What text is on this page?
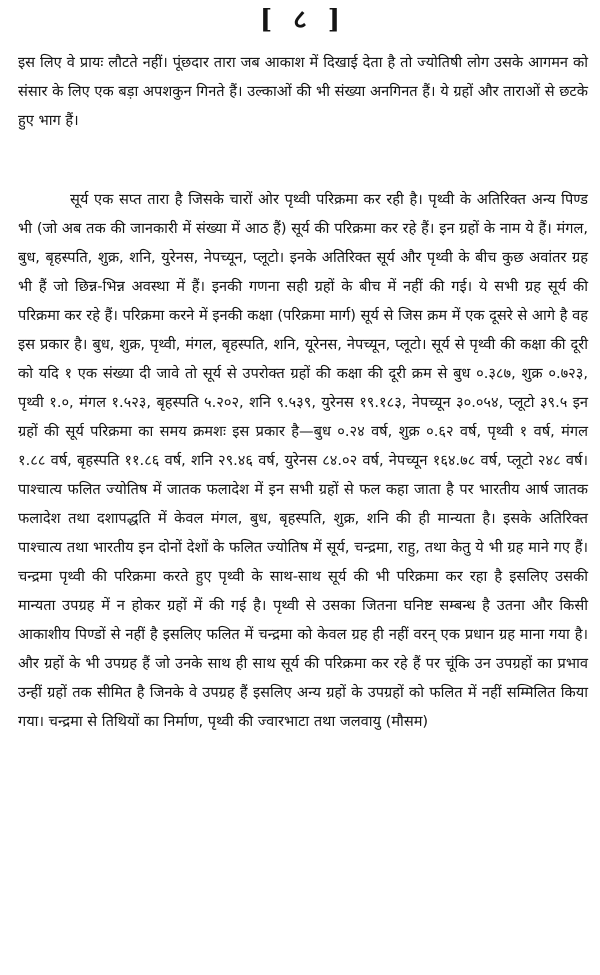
[ ८ ]

इस लिए वे प्रायः लौटते नहीं। पूंछदार तारा जब आकाश में दिखाई देता है तो ज्योतिषी लोग उसके आगमन को संसार के लिए एक बड़ा अपशकुन गिनते हैं। उल्काओं की भी संख्या अनगिनत हैं। ये ग्रहों और ताराओं से छटके हुए भाग हैं।

सूर्य एक सप्त तारा है जिसके चारों ओर पृथ्वी परिक्रमा कर रही है। पृथ्वी के अतिरिक्त अन्य पिण्ड भी (जो अब तक की जानकारी में संख्या में आठ हैं) सूर्य की परिक्रमा कर रहे हैं। इन ग्रहों के नाम ये हैं। मंगल, बुध, बृहस्पति, शुक्र, शनि, युरेनस, नेपच्यून, प्लूटो। इनके अतिरिक्त सूर्य और पृथ्वी के बीच कुछ अवांतर ग्रह भी हैं जो छिन्न-भिन्न अवस्था में हैं। इनकी गणना सही ग्रहों के बीच में नहीं की गई। ये सभी ग्रह सूर्य की परिक्रमा कर रहे हैं। परिक्रमा करने में इनकी कक्षा (परिक्रमा मार्ग) सूर्य से जिस क्रम में एक दूसरे से आगे है वह इस प्रकार है। बुध, शुक्र, पृथ्वी, मंगल, बृहस्पति, शनि, यूरेनस, नेपच्यून, प्लूटो। सूर्य से पृथ्वी की कक्षा की दूरी को यदि १ एक संख्या दी जावे तो सूर्य से उपरोक्त ग्रहों की कक्षा की दूरी क्रम से बुध ०.३८७, शुक्र ०.७२३, पृथ्वी १.०, मंगल १.५२३, बृहस्पति ५.२०२, शनि ९.५३९, युरेनस १९.१८३, नेपच्यून ३०.०५४, प्लूटो ३९.५ इन ग्रहों की सूर्य परिक्रमा का समय क्रमशः इस प्रकार है—बुध ०.२४ वर्ष, शुक्र ०.६२ वर्ष, पृथ्वी १ वर्ष, मंगल १.८८ वर्ष, बृहस्पति ११.८६ वर्ष, शनि २९.४६ वर्ष, युरेनस ८४.०२ वर्ष, नेपच्यून १६४.७८ वर्ष, प्लूटो २४८ वर्ष। पाश्चात्य फलित ज्योतिष में जातक फलादेश में इन सभी ग्रहों से फल कहा जाता है पर भारतीय आर्ष जातक फलादेश तथा दशापद्धति में केवल मंगल, बुध, बृहस्पति, शुक्र, शनि की ही मान्यता है। इसके अतिरिक्त पाश्चात्य तथा भारतीय इन दोनों देशों के फलित ज्योतिष में सूर्य, चन्द्रमा, राहु, तथा केतु ये भी ग्रह माने गए हैं। चन्द्रमा पृथ्वी की परिक्रमा करते हुए पृथ्वी के साथ-साथ सूर्य की भी परिक्रमा कर रहा है इसलिए उसकी मान्यता उपग्रह में न होकर ग्रहों में की गई है। पृथ्वी से उसका जितना घनिष्ट सम्बन्ध है उतना और किसी आकाशीय पिण्डों से नहीं है इसलिए फलित में चन्द्रमा को केवल ग्रह ही नहीं वरन् एक प्रधान ग्रह माना गया है। और ग्रहों के भी उपग्रह हैं जो उनके साथ ही साथ सूर्य की परिक्रमा कर रहे हैं पर चूंकि उन उपग्रहों का प्रभाव उन्हीं ग्रहों तक सीमित है जिनके वे उपग्रह हैं इसलिए अन्य ग्रहों के उपग्रहों को फलित में नहीं सम्मिलित किया गया। चन्द्रमा से तिथियों का निर्माण, पृथ्वी की ज्वारभाटा तथा जलवायु (मौसम)
